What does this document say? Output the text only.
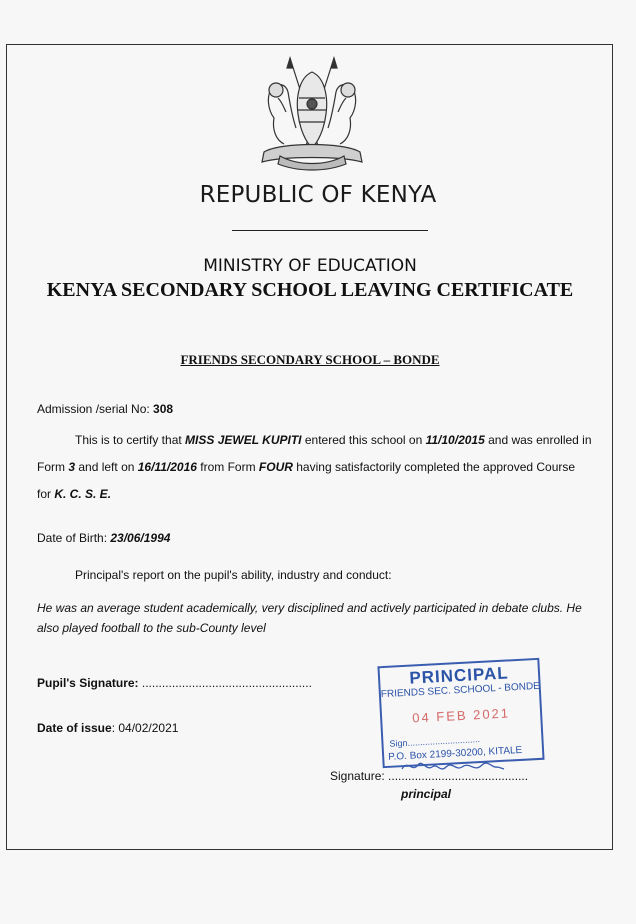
REPUBLIC OF KENYA
MINISTRY OF EDUCATION
KENYA SECONDARY SCHOOL LEAVING CERTIFICATE
FRIENDS SECONDARY SCHOOL – BONDE
Admission /serial No: 308
This is to certify that MISS JEWEL KUPITI entered this school on 11/10/2015 and was enrolled in
Form 3 and left on 16/11/2016 from Form FOUR having satisfactorily completed the approved Course
for K. C. S. E.
Date of Birth: 23/06/1994
Principal's report on the pupil's ability, industry and conduct:
He was an average student academically, very disciplined and actively participated in debate clubs. He
also played football to the sub-County level
Pupil's Signature: ...................................................
Date of issue: 04/02/2021
PRINCIPAL
FRIENDS SEC. SCHOOL - BONDE
04 FEB 2021
Sign.............................
P.O. Box 2199-30200, KITALE
Signature: ..........................................
principal
